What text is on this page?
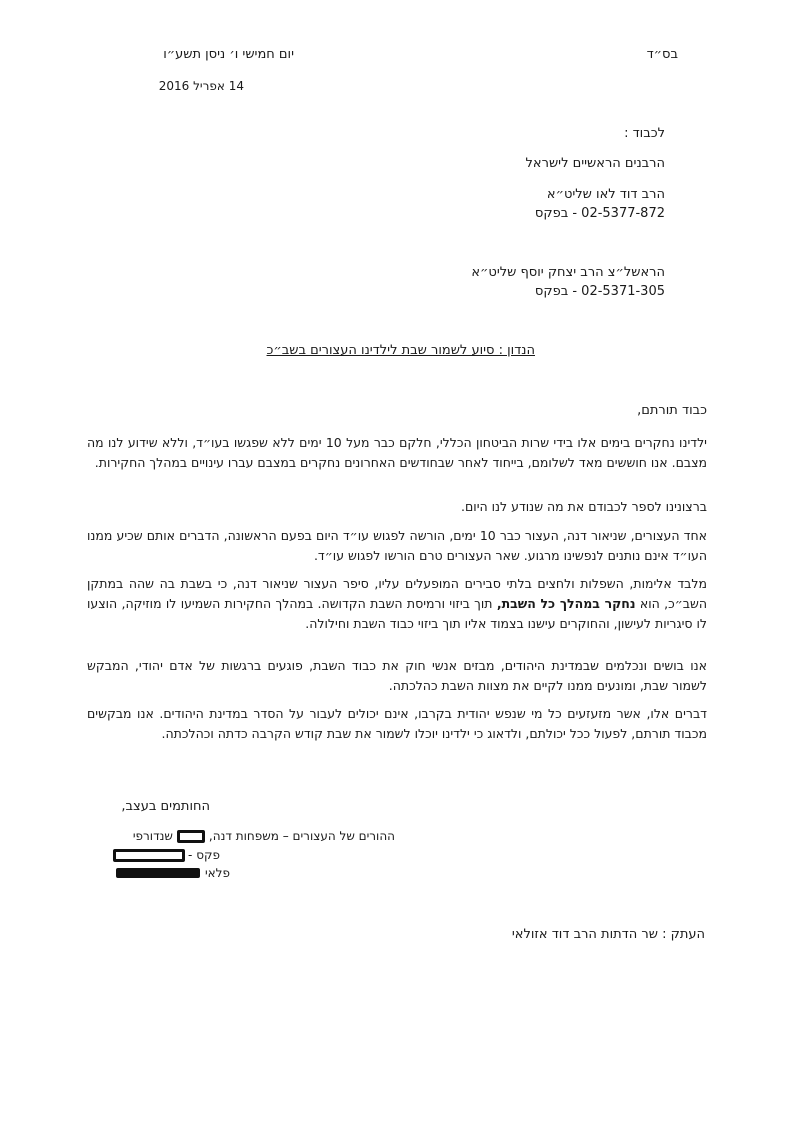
בס״ד
יום חמישי ו׳ ניסן תשע״ו
14 אפריל 2016
לכבוד :
הרבנים הראשיים לישראל
הרב דוד לאו שליט״א
02-5377-872 - בפקס
הראשל״צ הרב יצחק יוסף שליט״א
02-5371-305 - בפקס
הנדון : סיוע לשמור שבת לילדינו העצורים בשב״כ
כבוד תורתם,
ילדינו נחקרים בימים אלו בידי שרות הביטחון הכללי, חלקם כבר מעל 10 ימים ללא שפגשו בעו״ד, וללא שידוע לנו מה מצבם. אנו חוששים מאד לשלומם, בייחוד לאחר שבחודשים האחרונים נחקרים במצבם עברו עינויים במהלך החקירות.
ברצונינו לספר לכבודם את מה שנודע לנו היום.
אחד העצורים, שניאור דנה, העצור כבר 10 ימים, הורשה לפגוש עו״ד היום בפעם הראשונה, הדברים אותם שכיע ממנו העו״ד אינם נותנים לנפשינו מרגוע. שאר העצורים טרם הורשו לפגוש עו״ד.
מלבד אלימות, השפלות ולחצים בלתי סבירים המופעלים עליו, סיפר העצור שניאור דנה, כי בשבת בה שהה במתקן השב״כ, הוא נחקר במהלך כל השבת, תוך ביזוי ורמיסת השבת הקדושה. במהלך החקירות השמיעו לו מוזיקה, הוצעו לו סיגריות לעישון, והחוקרים עישנו בצמוד אליו תוך ביזוי כבוד השבת וחילולה.
אנו בושים ונכלמים שבמדינת היהודים, מבזים אנשי חוק את כבוד השבת, פוגעים ברגשות של אדם יהודי, המבקש לשמור שבת, ומונעים ממנו לקיים את מצוות השבת כהלכתה.
דברים אלו, אשר מזעזעים כל מי שנפש יהודית בקרבו, אינם יכולים לעבור על הסדר במדינת היהודים. אנו מבקשים מכבוד תורתם, לפעול ככל יכולתם, ולדאוג כי ילדינו יוכלו לשמור את שבת קודש הקרבה כדתה וכהלכתה.
החותמים בעצב,
ההורים של העצורים – משפחות דנה,
שנדורפי
פקס -
פלאי
העתק : שר הדתות הרב דוד אזולאי
